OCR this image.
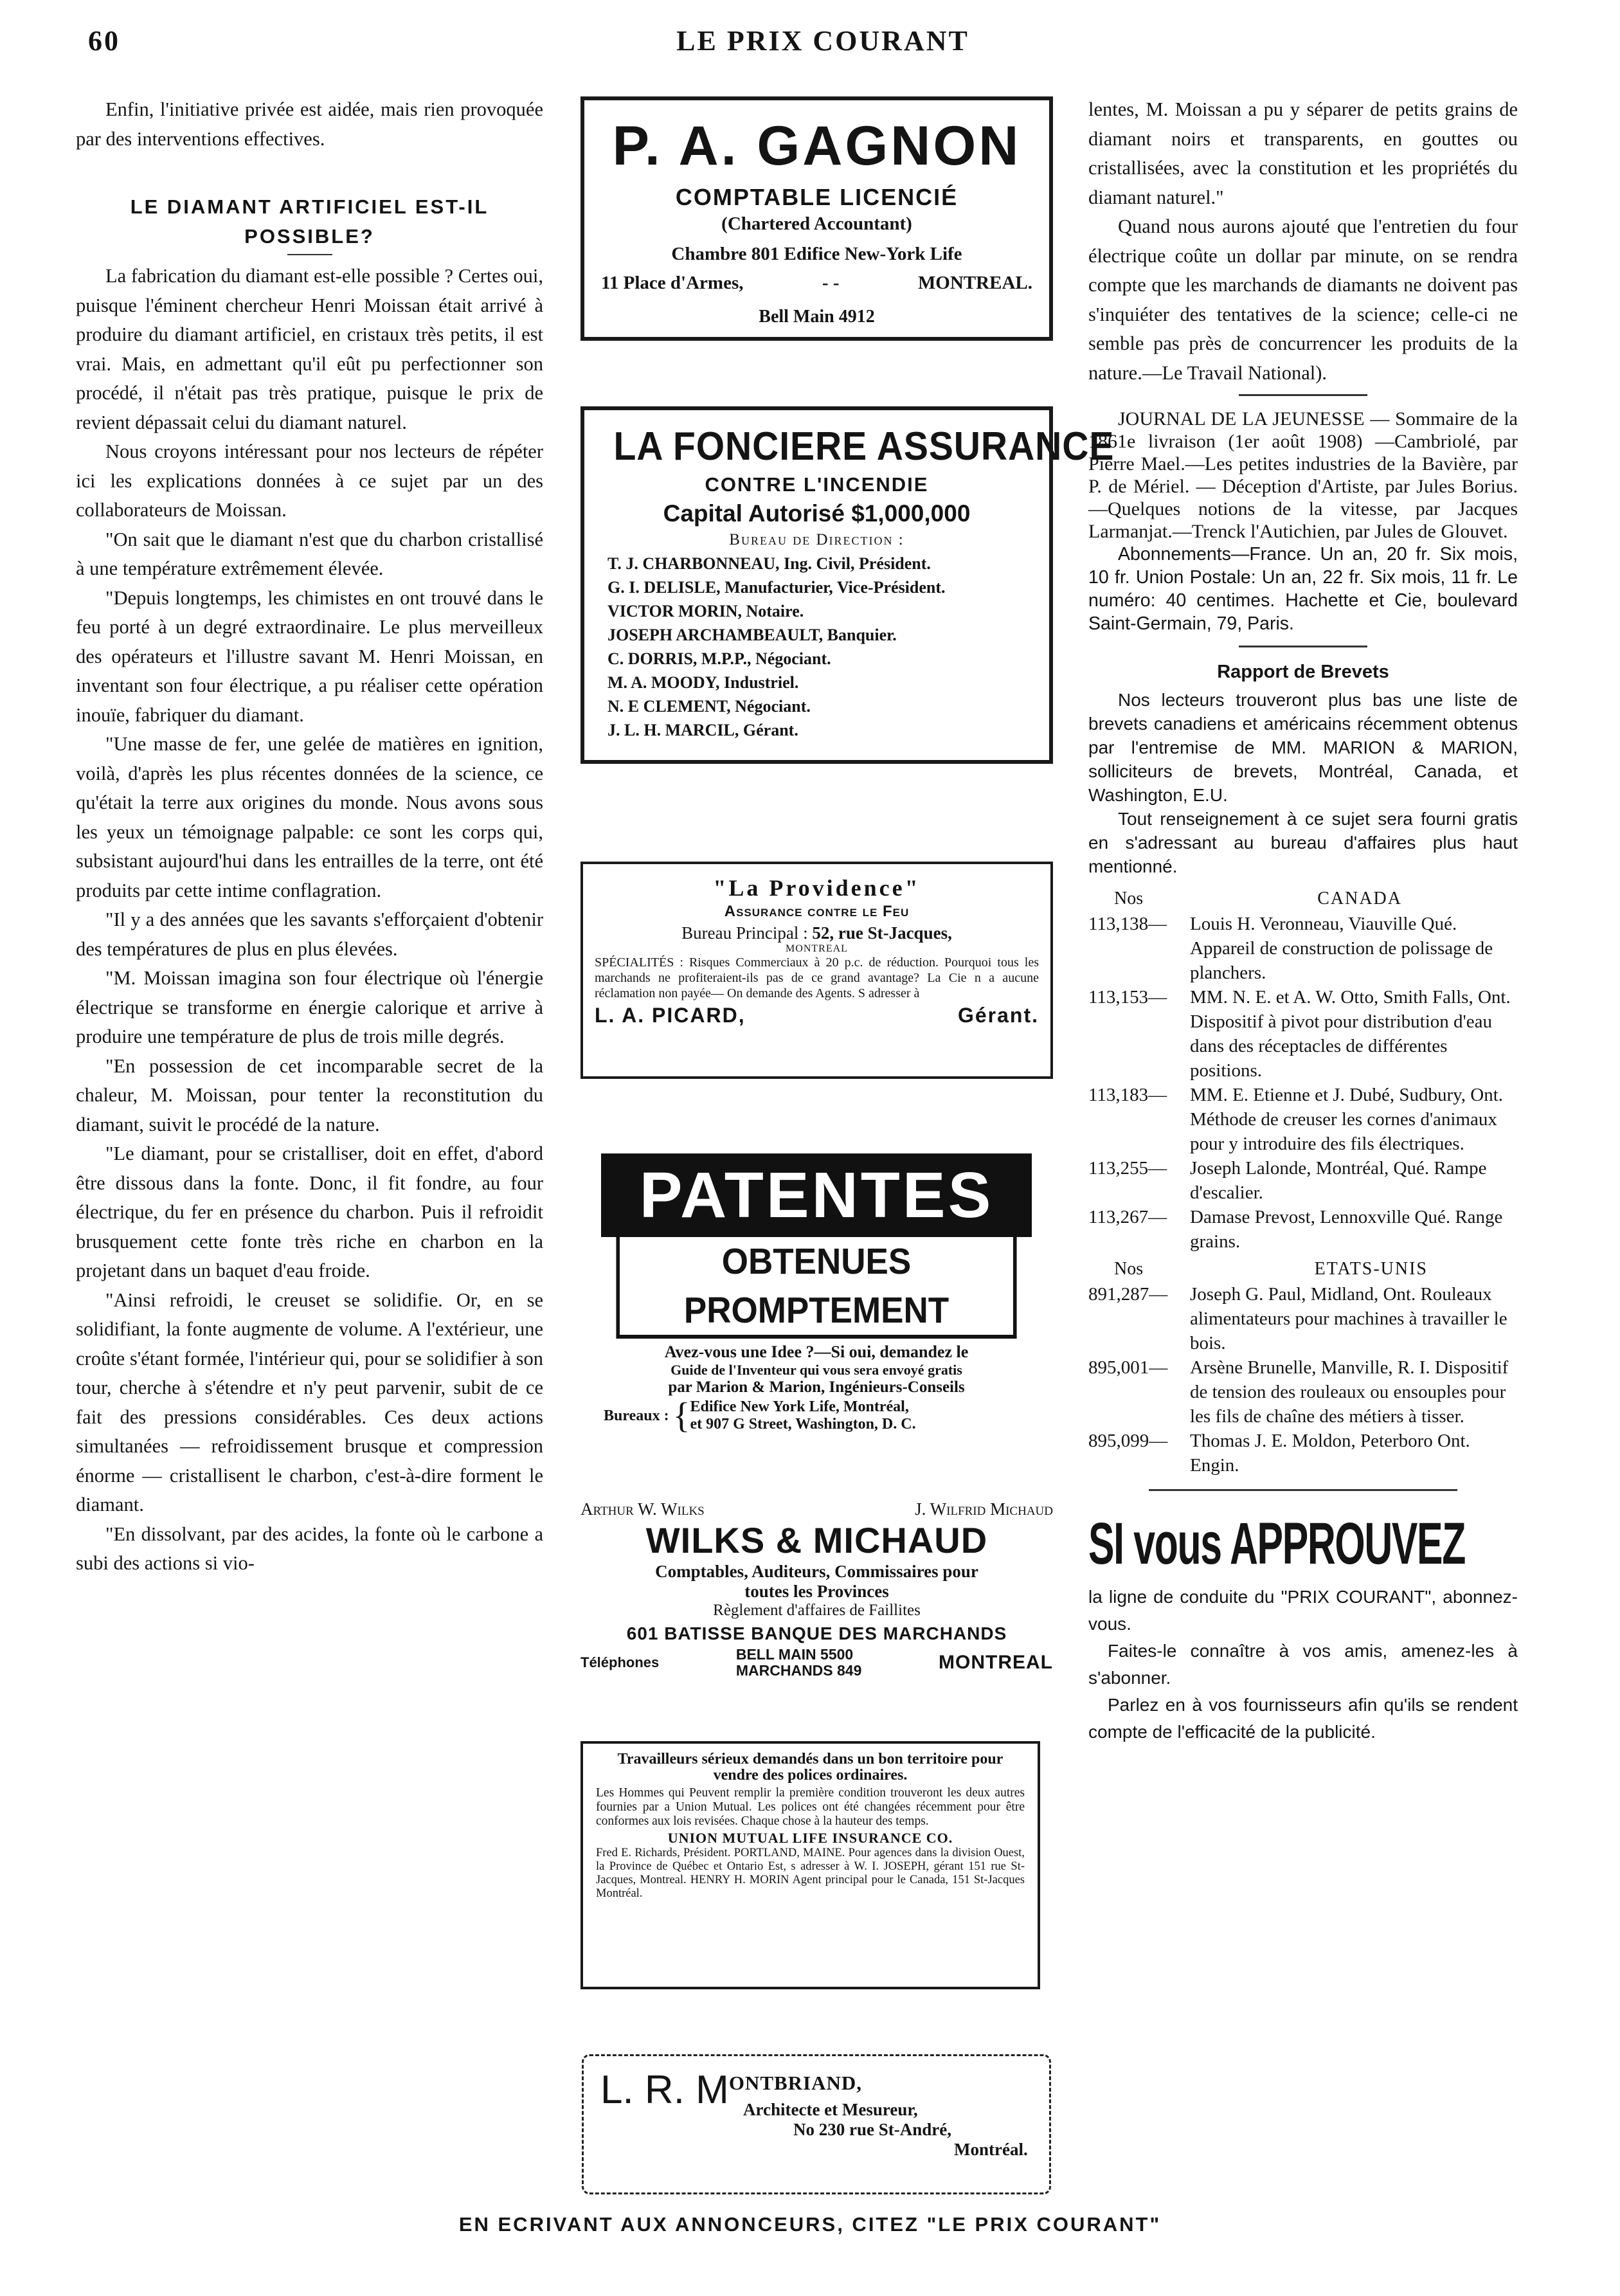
60	LE PRIX COURANT

Enfin, l'initiative privée est aidée, mais rien provoquée par des interventions effectives.

LE DIAMANT ARTIFICIEL EST-IL POSSIBLE?

La fabrication du diamant est-elle possible ? Certes oui, puisque l'éminent chercheur Henri Moissan était arrivé à produire du diamant artificiel, en cristaux très petits, il est vrai. Mais, en admettant qu'il eût pu perfectionner son procédé, il n'était pas très pratique, puisque le prix de revient dépassait celui du diamant naturel.

Nous croyons intéressant pour nos lecteurs de répéter ici les explications données à ce sujet par un des collaborateurs de Moissan.

"On sait que le diamant n'est que du charbon cristallisé à une température extrêmement élevée.

"Depuis longtemps, les chimistes en ont trouvé dans le feu porté à un degré extraordinaire. Le plus merveilleux des opérateurs et l'illustre savant M. Henri Moissan, en inventant son four électrique, a pu réaliser cette opération inouïe, fabriquer du diamant.

"Une masse de fer, une gelée de matières en ignition, voilà, d'après les plus récentes données de la science, ce qu'était la terre aux origines du monde. Nous avons sous les yeux un témoignage palpable: ce sont les corps qui, subsistant aujourd'hui dans les entrailles de la terre, ont été produits par cette intime conflagration.

"Il y a des années que les savants s'efforçaient d'obtenir des températures de plus en plus élevées.

"M. Moissan imagina son four électrique où l'énergie électrique se transforme en énergie calorique et arrive à produire une température de plus de trois mille degrés.

"En possession de cet incomparable secret de la chaleur, M. Moissan, pour tenter la reconstitution du diamant, suivit le procédé de la nature.

"Le diamant, pour se cristalliser, doit en effet, d'abord être dissous dans la fonte. Donc, il fit fondre, au four électrique, du fer en présence du charbon. Puis il refroidit brusquement cette fonte très riche en charbon en la projetant dans un baquet d'eau froide.

"Ainsi refroidi, le creuset se solidifie. Or, en se solidifiant, la fonte augmente de volume. A l'extérieur, une croûte s'étant formée, l'intérieur qui, pour se solidifier à son tour, cherche à s'étendre et n'y peut parvenir, subit de ce fait des pressions considérables. Ces deux actions simultanées — refroidissement brusque et compression énorme — cristallisent le charbon, c'est-à-dire forment le diamant.

"En dissolvant, par des acides, la fonte où le carbone a subi des actions si vio-

P. A. GAGNON
COMPTABLE LICENCIÉ
(Chartered Accountant)
Chambre 801 Edifice New-York Life
11 Place d'Armes,	- -	MONTREAL.
Bell Main 4912
LA FONCIERE ASSURANCE
CONTRE L'INCENDIE
Capital Autorisé $1,000,000
Bureau de Direction :
T. J. CHARBONNEAU, Ing. Civil, Président.
G. I. DELISLE, Manufacturier, Vice-Président.
VICTOR MORIN, Notaire.
JOSEPH ARCHAMBEAULT, Banquier.
C. DORRIS, M.P.P., Négociant.
M. A. MOODY, Industriel.
N. E CLEMENT, Négociant.
J. L. H. MARCIL, Gérant.
"La Providence"
Assurance contre le Feu
Bureau Principal : 52, rue St-Jacques,
MONTREAL
SPÉCIALITÉS : Risques Commerciaux à 20 p.c. de réduction. Pourquoi tous les marchands ne profiteraient-ils pas de ce grand avantage? La Cie n a aucune réclamation non payée— On demande des Agents. S adresser à
L. A. PICARD,	Gérant.
PATENTES
OBTENUES PROMPTEMENT
Avez-vous une Idee ?—Si oui, demandez le
Guide de l'Inventeur qui vous sera envoyé gratis
par Marion & Marion, Ingénieurs-Conseils
Bureaux : { Edifice New York Life, Montréal,
et 907 G Street, Washington, D. C.
Arthur W. Wilks	J. Wilfrid Michaud
WILKS & MICHAUD
Comptables, Auditeurs, Commissaires pour
toutes les Provinces
Règlement d'affaires de Faillites
601 BATISSE BANQUE DES MARCHANDS
Téléphones	BELL MAIN 5500
MARCHANDS 849	MONTREAL
Travailleurs sérieux demandés dans un bon territoire pour vendre des polices ordinaires.
Les Hommes qui Peuvent remplir la première condition trouveront les deux autres fournies par a Union Mutual. Les polices ont été changées récemment pour être conformes aux lois revisées. Chaque chose à la hauteur des temps.
UNION MUTUAL LIFE INSURANCE CO.
Fred E. Richards, Président. PORTLAND, MAINE. Pour agences dans la division Ouest, la Province de Québec et Ontario Est, s adresser à W. I. JOSEPH, gérant 151 rue St-Jacques, Montreal. HENRY H. MORIN Agent principal pour le Canada, 151 St-Jacques Montréal.
L. R. M ONTBRIAND,
Architecte et Mesureur,
No 230 rue St-André,
Montréal.

lentes, M. Moissan a pu y séparer de petits grains de diamant noirs et transparents, en gouttes ou cristallisées, avec la constitution et les propriétés du diamant naturel."

Quand nous aurons ajouté que l'entretien du four électrique coûte un dollar par minute, on se rendra compte que les marchands de diamants ne doivent pas s'inquiéter des tentatives de la science; celle-ci ne semble pas près de concurrencer les produits de la nature.—Le Travail National).

JOURNAL DE LA JEUNESSE — Sommaire de la 1861e livraison (1er août 1908) —Cambriolé, par Pierre Mael.—Les petites industries de la Bavière, par P. de Mériel. — Déception d'Artiste, par Jules Borius.—Quelques notions de la vitesse, par Jacques Larmanjat.—Trenck l'Autichien, par Jules de Glouvet.

Abonnements—France. Un an, 20 fr. Six mois, 10 fr. Union Postale: Un an, 22 fr. Six mois, 11 fr. Le numéro: 40 centimes. Hachette et Cie, boulevard Saint-Germain, 79, Paris.

Rapport de Brevets

Nos lecteurs trouveront plus bas une liste de brevets canadiens et américains récemment obtenus par l'entremise de MM. MARION & MARION, solliciteurs de brevets, Montréal, Canada, et Washington, E.U.

Tout renseignement à ce sujet sera fourni gratis en s'adressant au bureau d'affaires plus haut mentionné.

Nos	CANADA
113,138—	Louis H. Veronneau, Viauville Qué. Appareil de construction de polissage de planchers.
113,153—	MM. N. E. et A. W. Otto, Smith Falls, Ont. Dispositif à pivot pour distribution d'eau dans des réceptacles de différentes positions.
113,183—	MM. E. Etienne et J. Dubé, Sudbury, Ont. Méthode de creuser les cornes d'animaux pour y introduire des fils électriques.
113,255—	Joseph Lalonde, Montréal, Qué. Rampe d'escalier.
113,267—	Damase Prevost, Lennoxville Qué. Range grains.
Nos	ETATS-UNIS
891,287—	Joseph G. Paul, Midland, Ont. Rouleaux alimentateurs pour machines à travailler le bois.
895,001—	Arsène Brunelle, Manville, R. I. Dispositif de tension des rouleaux ou ensouples pour les fils de chaîne des métiers à tisser.
895,099—	Thomas J. E. Moldon, Peterboro Ont. Engin.
SI vous APPROUVEZ

la ligne de conduite du "PRIX COURANT", abonnez-vous.

Faites-le connaître à vos amis, amenez-les à s'abonner.

Parlez en à vos fournisseurs afin qu'ils se rendent compte de l'efficacité de la publicité.

EN ECRIVANT AUX ANNONCEURS, CITEZ "LE PRIX COURANT"
